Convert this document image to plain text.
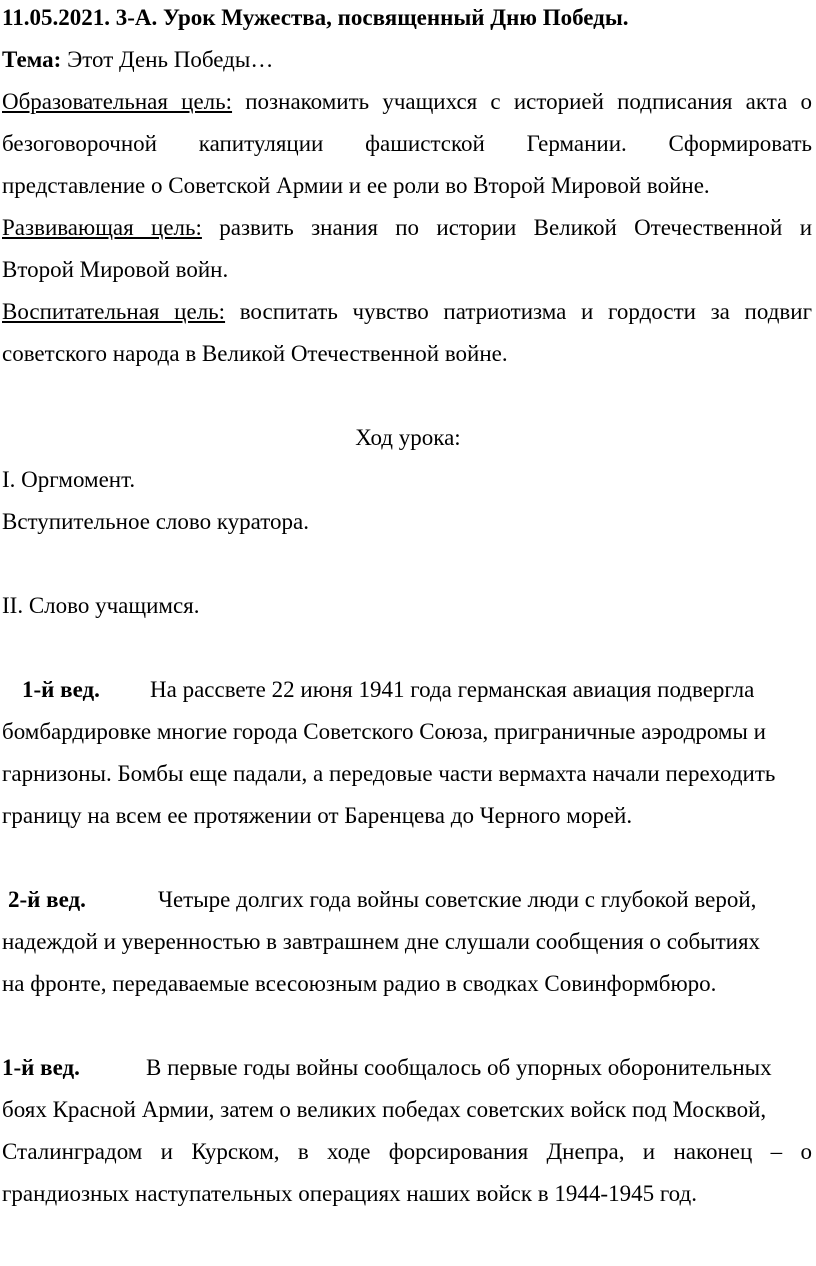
11.05.2021. 3-А. Урок Мужества, посвященный Дню Победы.
Тема: Этот День Победы…
Образовательная цель: познакомить учащихся с историей подписания акта о
безоговорочной капитуляции фашистской Германии. Сформировать
представление о Советской Армии и ее роли во Второй Мировой войне.
Развивающая цель: развить знания по истории Великой Отечественной и
Второй Мировой войн.
Воспитательная цель: воспитать чувство патриотизма и гордости за подвиг
советского народа в Великой Отечественной войне.
Ход урока:
I. Оргмомент.
Вступительное слово куратора.
II. Слово учащимся.
1-й вед. На рассвете 22 июня 1941 года германская авиация подвергла
бомбардировке многие города Советского Союза, приграничные аэродромы и
гарнизоны. Бомбы еще падали, а передовые части вермахта начали переходить
границу на всем ее протяжении от Баренцева до Черного морей.
2-й вед.	Четыре долгих года войны советские люди с глубокой верой,
надеждой и уверенностью в завтрашнем дне слушали сообщения о событиях
на фронте, передаваемые всесоюзным радио в сводках Совинформбюро.
1-й вед.	В первые годы войны сообщалось об упорных оборонительных
боях Красной Армии, затем о великих победах советских войск под Москвой,
Сталинградом и Курском, в ходе форсирования Днепра, и наконец – о
грандиозных наступательных операциях наших войск в 1944-1945 год.
